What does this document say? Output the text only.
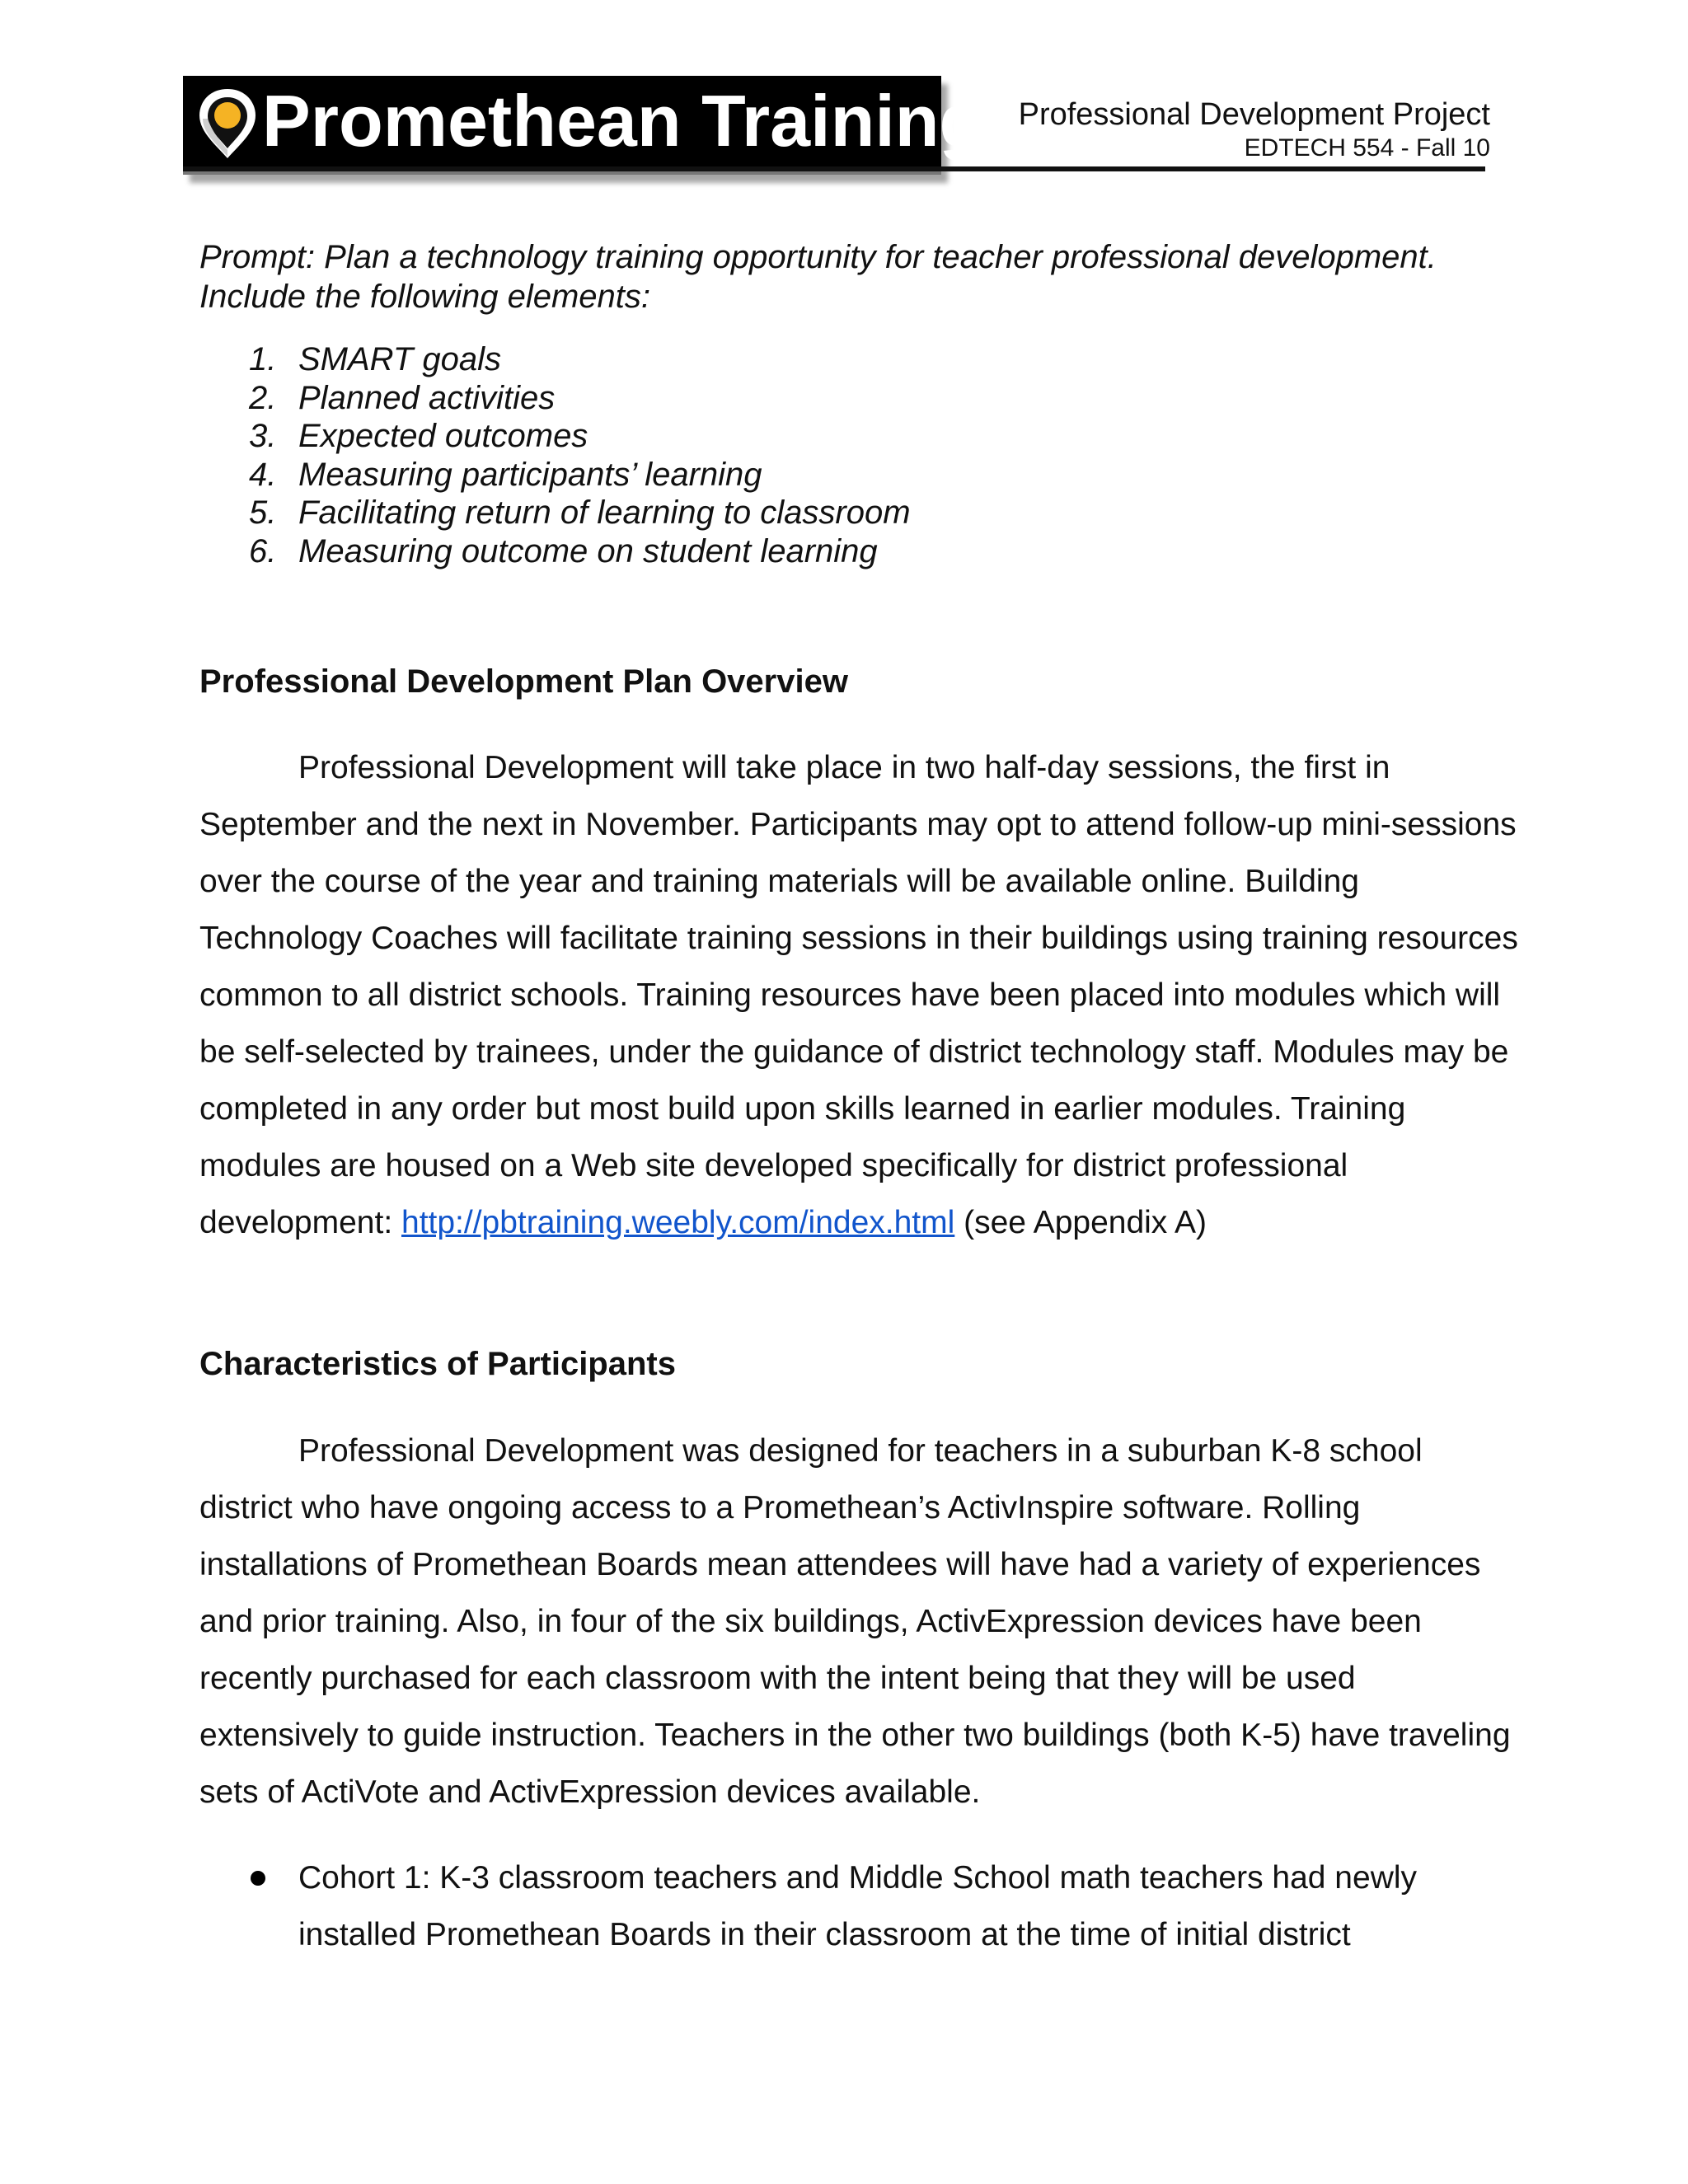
Promethean Training Professional Development Project
EDTECH 554 - Fall 10
Prompt: Plan a technology training opportunity for teacher professional development. Include the following elements:
1. SMART goals
2. Planned activities
3. Expected outcomes
4. Measuring participants’ learning
5. Facilitating return of learning to classroom
6. Measuring outcome on student learning
Professional Development Plan Overview
Professional Development will take place in two half-day sessions, the first in September and the next in November. Participants may opt to attend follow-up mini-sessions over the course of the year and training materials will be available online. Building Technology Coaches will facilitate training sessions in their buildings using training resources common to all district schools. Training resources have been placed into modules which will be self-selected by trainees, under the guidance of district technology staff. Modules may be completed in any order but most build upon skills learned in earlier modules. Training modules are housed on a Web site developed specifically for district professional development: http://pbtraining.weebly.com/index.html (see Appendix A)
Characteristics of Participants
Professional Development was designed for teachers in a suburban K-8 school district who have ongoing access to a Promethean’s ActivInspire software. Rolling installations of Promethean Boards mean attendees will have had a variety of experiences and prior training. Also, in four of the six buildings, ActivExpression devices have been recently purchased for each classroom with the intent being that they will be used extensively to guide instruction. Teachers in the other two buildings (both K-5) have traveling sets of ActiVote and ActivExpression devices available.
Cohort 1: K-3 classroom teachers and Middle School math teachers had newly installed Promethean Boards in their classroom at the time of initial district
